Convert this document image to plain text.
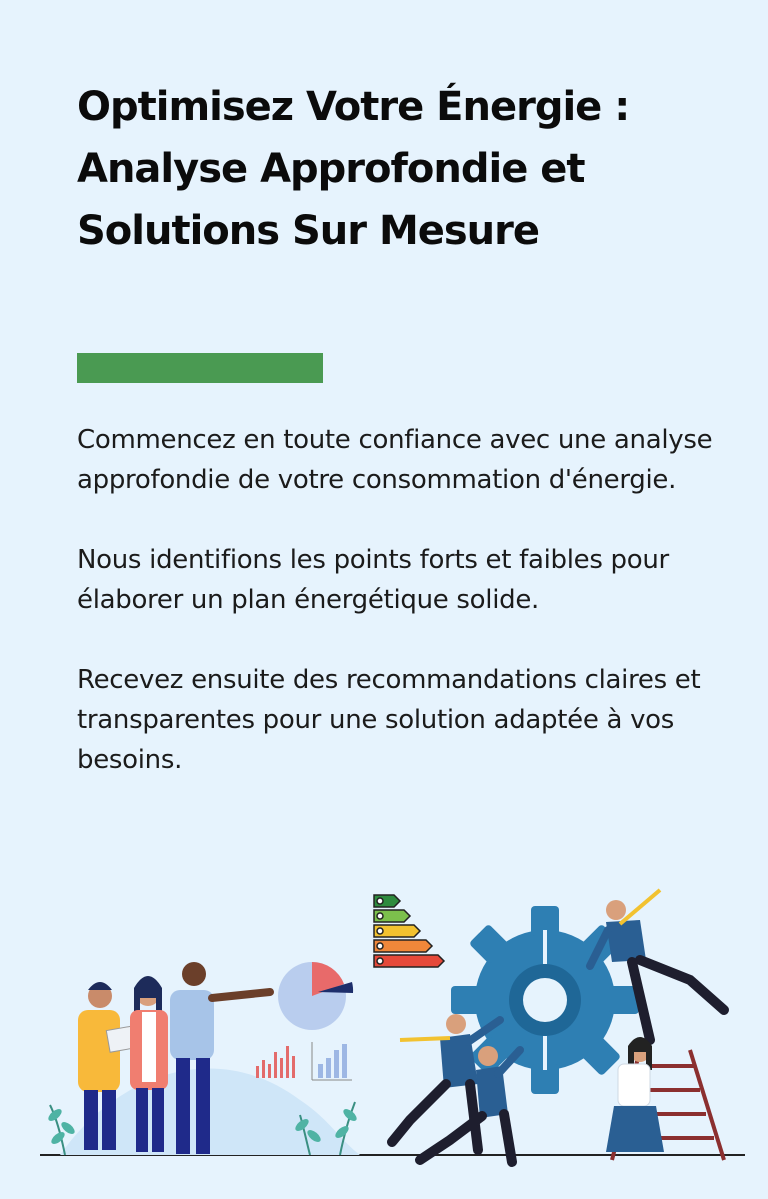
Optimisez Votre Énergie :
Analyse Approfondie et
Solutions Sur Mesure

Commencez en toute confiance avec une analyse approfondie de votre consommation d'énergie.

Nous identifions les points forts et faibles pour élaborer un plan énergétique solide.

Recevez ensuite des recommandations claires et transparentes pour une solution adaptée à vos besoins.
